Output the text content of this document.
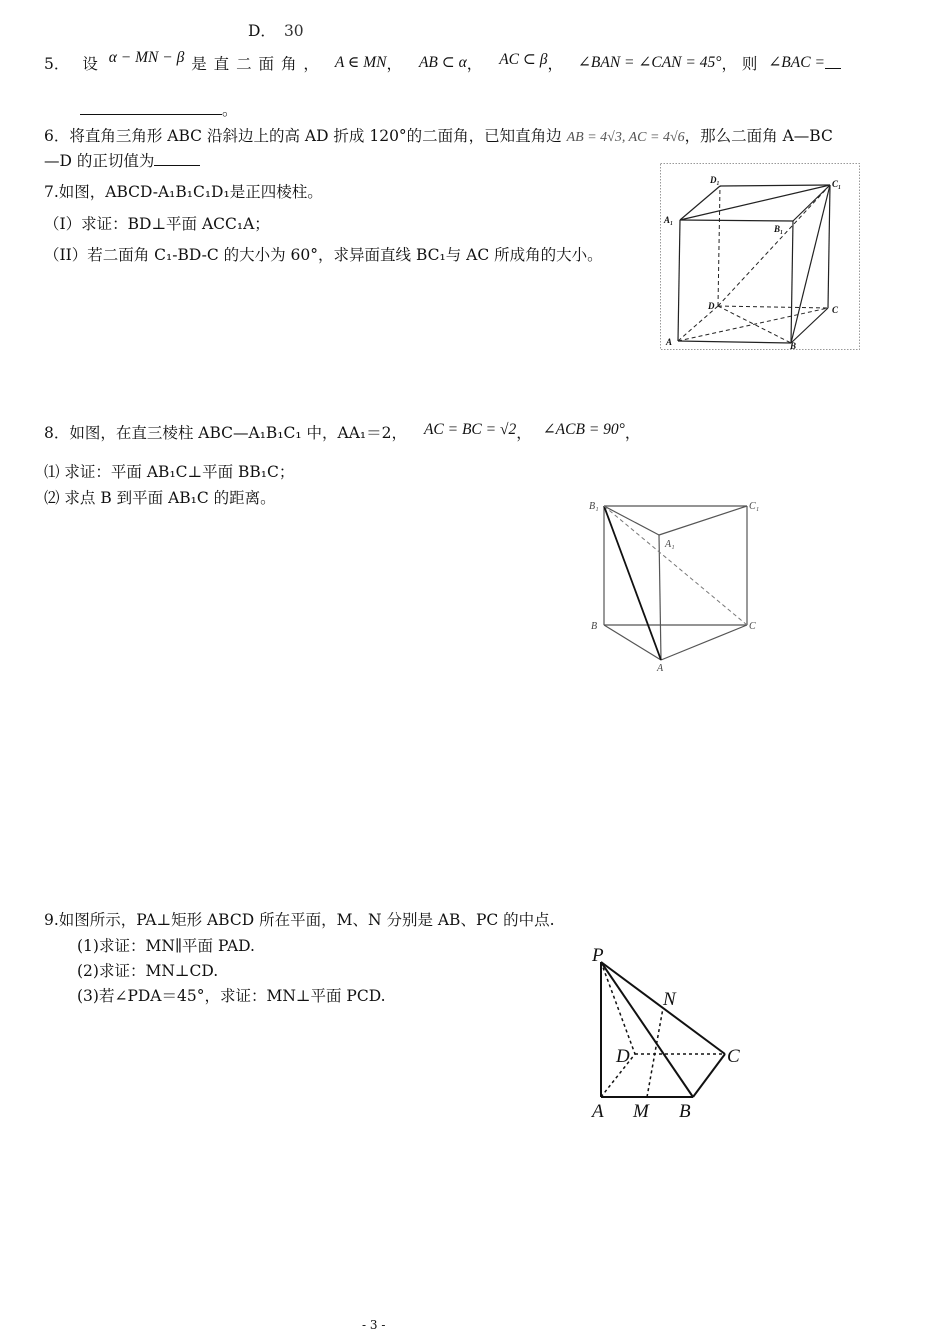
D． 30
5． 设 α − MN − β 是 直 二 面 角 ， A ∈ MN， AB ⊂ α， AC ⊂ β， ∠BAN = ∠CAN = 45°， 则 ∠BAC =
。
6．将直角三角形 ABC 沿斜边上的高 AD 折成 120°的二面角，已知直角边 AB = 4√3, AC = 4√6，那么二面角 A—BC
—D 的正切值为
7.如图，ABCD-A₁B₁C₁D₁是正四棱柱。
（I）求证：BD⊥平面 ACC₁A；
（II）若二面角 C₁-BD-C 的大小为 60°，求异面直线 BC₁与 AC 所成角的大小。
A	B
C
D
A₁
B₁
C₁
D₁
8．如图，在直三棱柱 ABC—A₁B₁C₁ 中，AA₁＝2， AC = BC = √2， ∠ACB = 90°，
⑴ 求证：平面 AB₁C⊥平面 BB₁C；
⑵ 求点 B 到平面 AB₁C 的距离。	B₁	C₁
A₁
B	C
A
9.如图所示，PA⊥矩形 ABCD 所在平面，M、N 分别是 AB、PC 的中点.
(1)求证：MN∥平面 PAD.
(2)求证：MN⊥CD.
(3)若∠PDA＝45°，求证：MN⊥平面 PCD.
P
N
D	C
A M B
- 3 -
